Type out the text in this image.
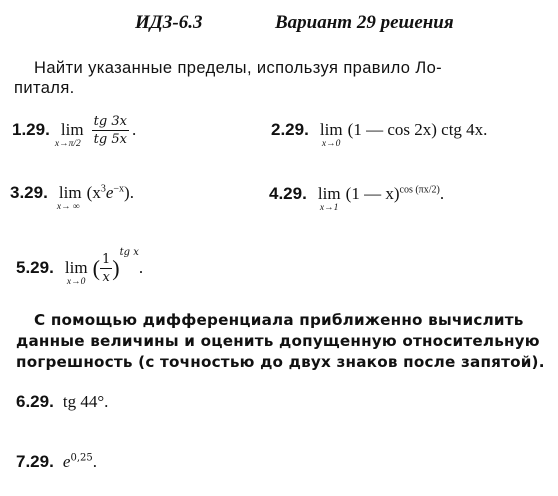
ИДЗ-6.3	Вариант 29 решения
Найти указанные пределы, используя правило Ло-
питаля.
1.29. lim
x→π/2
$\frac{tg 3x}{tg 5x}$ .	2.29. lim
x→0
(1 — cos 2x) ctg 4x.
3.29. lim
x→ ∞
$(x^3e^{-x})$.	4.29. lim
x→1
(1 — x)$^{cos (\pi x/2)}$.
5.29. lim
x→0
( $\frac{1}{x} )^{tg x}$.
С помощью дифференциала приближенно вычислить
данные величины и оценить допущенную относительную
погрешность (с точностью до двух знаков после запятой).
6.29. tg 44°.
7.29. $e^{0,25}$.
